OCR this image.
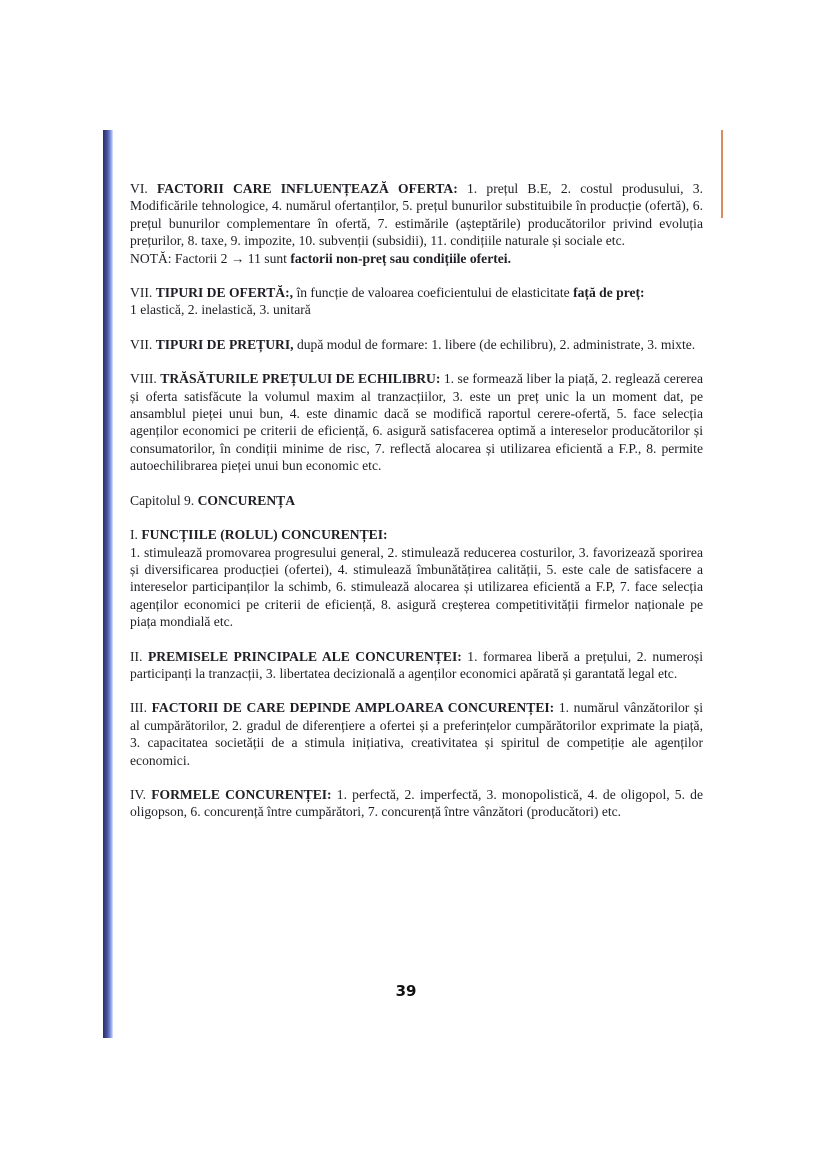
VI. FACTORII CARE INFLUENȚEAZĂ OFERTA: 1. prețul B.E, 2. costul produsului, 3. Modificările tehnologice, 4. numărul ofertanților, 5. prețul bunurilor substituibile în producție (ofertă), 6. prețul bunurilor complementare în ofertă, 7. estimările (așteptările) producătorilor privind evoluția prețurilor, 8. taxe, 9. impozite, 10. subvenții (subsidii), 11. condițiile naturale și sociale etc.
NOTĂ: Factorii 2 → 11 sunt factorii non-preț sau condițiile ofertei.

VII. TIPURI DE OFERTĂ:, în funcție de valoarea coeficientului de elasticitate față de preț:
1 elastică, 2. inelastică, 3. unitară

VII. TIPURI DE PREȚURI, după modul de formare: 1. libere (de echilibru), 2. administrate, 3. mixte.

VIII. TRĂSĂTURILE PREȚULUI DE ECHILIBRU: 1. se formează liber la piață, 2. reglează cererea și oferta satisfăcute la volumul maxim al tranzacțiilor, 3. este un preț unic la un moment dat, pe ansamblul pieței unui bun, 4. este dinamic dacă se modifică raportul cerere-ofertă, 5. face selecția agenților economici pe criterii de eficiență, 6. asigură satisfacerea optimă a intereselor producătorilor și consumatorilor, în condiții minime de risc, 7. reflectă alocarea și utilizarea eficientă a F.P., 8. permite autoechilibrarea pieței unui bun economic etc.

Capitolul 9. CONCURENȚA

I. FUNCȚIILE (ROLUL) CONCURENȚEI:
1. stimulează promovarea progresului general, 2. stimulează reducerea costurilor, 3. favorizează sporirea și diversificarea producției (ofertei), 4. stimulează îmbunătățirea calității, 5. este cale de satisfacere a intereselor participanților la schimb, 6. stimulează alocarea și utilizarea eficientă a F.P, 7. face selecția agenților economici pe criterii de eficiență, 8. asigură creșterea competitivității firmelor naționale pe piața mondială etc.

II. PREMISELE PRINCIPALE ALE CONCURENȚEI: 1. formarea liberă a prețului, 2. numeroși participanți la tranzacții, 3. libertatea decizională a agenților economici apărată și garantată legal etc.

III. FACTORII DE CARE DEPINDE AMPLOAREA CONCURENȚEI: 1. numărul vânzătorilor și al cumpărătorilor, 2. gradul de diferențiere a ofertei și a preferințelor cumpărătorilor exprimate la piață, 3. capacitatea societății de a stimula inițiativa, creativitatea și spiritul de competiție ale agenților economici.

IV. FORMELE CONCURENȚEI: 1. perfectă, 2. imperfectă, 3. monopolistică, 4. de oligopol, 5. de oligopson, 6. concurență între cumpărători, 7. concurență între vânzători (producători) etc.

39
